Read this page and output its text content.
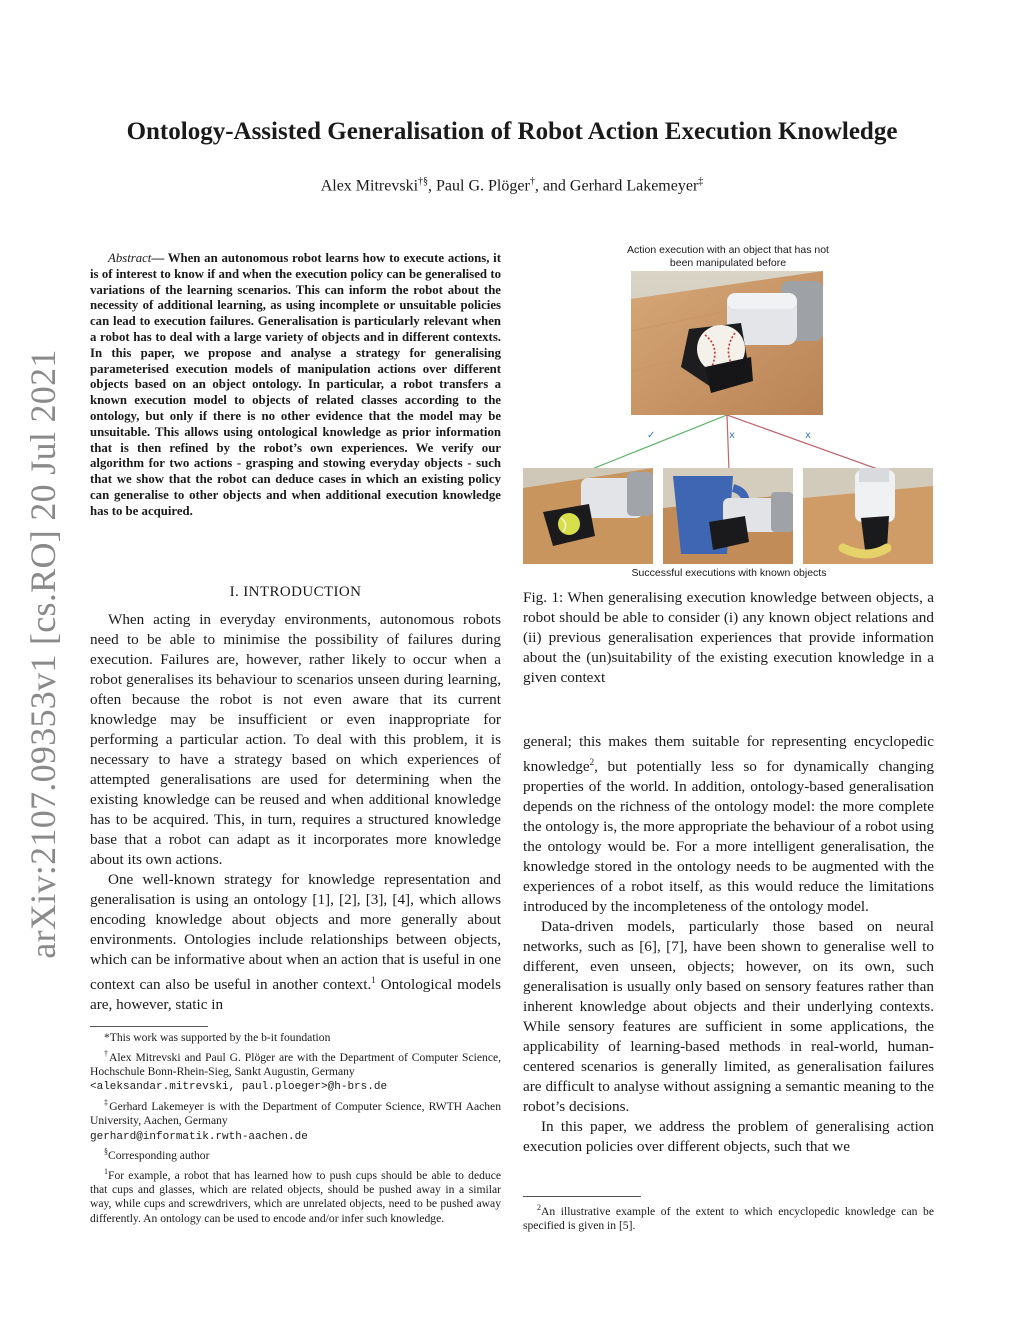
arXiv:2107.09353v1 [cs.RO] 20 Jul 2021
Ontology-Assisted Generalisation of Robot Action Execution Knowledge
Alex Mitrevski†§, Paul G. Plöger†, and Gerhard Lakemeyer‡
Abstract— When an autonomous robot learns how to execute actions, it is of interest to know if and when the execution policy can be generalised to variations of the learning scenarios. This can inform the robot about the necessity of additional learning, as using incomplete or unsuitable policies can lead to execution failures. Generalisation is particularly relevant when a robot has to deal with a large variety of objects and in different contexts. In this paper, we propose and analyse a strategy for generalising parameterised execution models of manipulation actions over different objects based on an object ontology. In particular, a robot transfers a known execution model to objects of related classes according to the ontology, but only if there is no other evidence that the model may be unsuitable. This allows using ontological knowledge as prior information that is then refined by the robot’s own experiences. We verify our algorithm for two actions - grasping and stowing everyday objects - such that we show that the robot can deduce cases in which an existing policy can generalise to other objects and when additional execution knowledge has to be acquired.
I. INTRODUCTION

When acting in everyday environments, autonomous robots need to be able to minimise the possibility of failures during execution. Failures are, however, rather likely to occur when a robot generalises its behaviour to scenarios unseen during learning, often because the robot is not even aware that its current knowledge may be insufficient or even inappropriate for performing a particular action. To deal with this problem, it is necessary to have a strategy based on which experiences of attempted generalisations are used for determining when the existing knowledge can be reused and when additional knowledge has to be acquired. This, in turn, requires a structured knowledge base that a robot can adapt as it incorporates more knowledge about its own actions.

One well-known strategy for knowledge representation and generalisation is using an ontology [1], [2], [3], [4], which allows encoding knowledge about objects and more generally about environments. Ontologies include relationships between objects, which can be informative about when an action that is useful in one context can also be useful in another context.$^1$ Ontological models are, however, static in

*This work was supported by the b-it foundation

†Alex Mitrevski and Paul G. Plöger are with the Department of Computer Science, Hochschule Bonn-Rhein-Sieg, Sankt Augustin, Germany
<aleksandar.mitrevski, paul.ploeger>@h-brs.de

‡Gerhard Lakemeyer is with the Department of Computer Science, RWTH Aachen University, Aachen, Germany
gerhard@informatik.rwth-aachen.de

§Corresponding author

$^1$For example, a robot that has learned how to push cups should be able to deduce that cups and glasses, which are related objects, should be pushed away in a similar way, while cups and screwdrivers, which are unrelated objects, need to be pushed away differently. An ontology can be used to encode and/or infer such knowledge.

Action execution with an object that has not been manipulated before
✓	x	x
Successful executions with known objects
Fig. 1: When generalising execution knowledge between objects, a robot should be able to consider (i) any known object relations and (ii) previous generalisation experiences that provide information about the (un)suitability of the existing execution knowledge in a given context

general; this makes them suitable for representing encyclopedic knowledge$^2$, but potentially less so for dynamically changing properties of the world. In addition, ontology-based generalisation depends on the richness of the ontology model: the more complete the ontology is, the more appropriate the behaviour of a robot using the ontology would be. For a more intelligent generalisation, the knowledge stored in the ontology needs to be augmented with the experiences of a robot itself, as this would reduce the limitations introduced by the incompleteness of the ontology model.

Data-driven models, particularly those based on neural networks, such as [6], [7], have been shown to generalise well to different, even unseen, objects; however, on its own, such generalisation is usually only based on sensory features rather than inherent knowledge about objects and their underlying contexts. While sensory features are sufficient in some applications, the applicability of learning-based methods in real-world, human-centered scenarios is generally limited, as generalisation failures are difficult to analyse without assigning a semantic meaning to the robot’s decisions.

In this paper, we address the problem of generalising action execution policies over different objects, such that we

$^2$An illustrative example of the extent to which encyclopedic knowledge can be specified is given in [5].
